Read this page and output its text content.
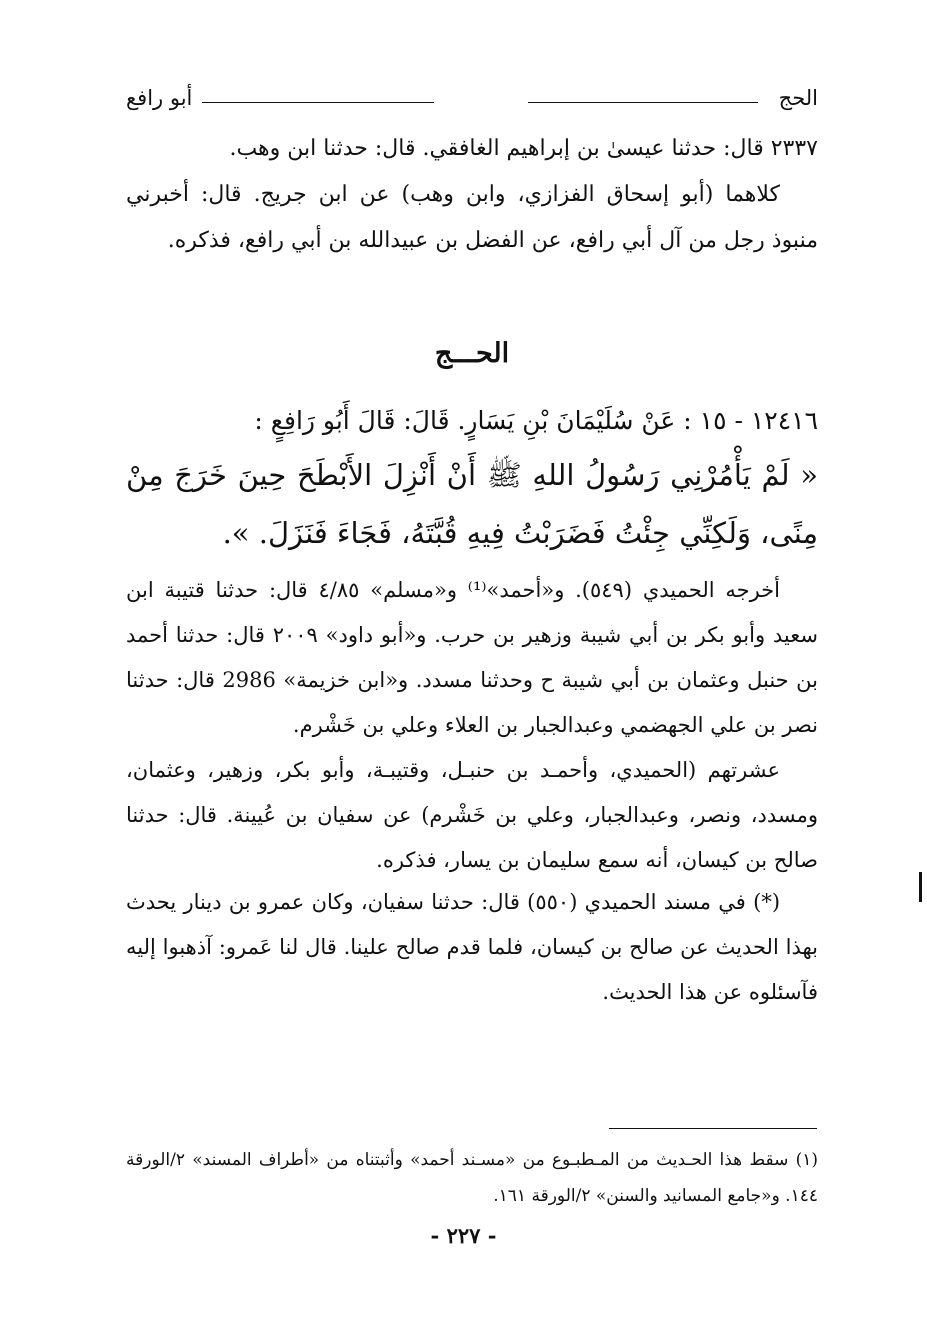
الحج
أبو رافع
٢٣٣٧ قال: حدثنا عيسىٰ بن إبراهيم الغافقي. قال: حدثنا ابن وهب.
كلاهما (أبو إسحاق الفزازي، وابن وهب) عن ابن جريج. قال: أخبرني منبوذ رجل من آل أبي رافع، عن الفضل بن عبيدالله بن أبي رافع، فذكره.
الحـــج
١٢٤١٦ - ١٥ : عَنْ سُلَيْمَانَ بْنِ يَسَارٍ. قَالَ: قَالَ أَبُو رَافِعٍ :
« لَمْ يَأْمُرْنِي رَسُولُ اللهِ ﷺ أَنْ أَنْزِلَ الأَبْطَحَ حِينَ خَرَجَ مِنْ مِنًى، وَلَكِنِّي جِئْتُ فَضَرَبْتُ فِيهِ قُبَّتَهُ، فَجَاءَ فَنَزَلَ. ».

أخرجه الحميدي (٥٤٩). و«أحمد»⁽¹⁾ و«مسلم» ٤/٨٥ قال: حدثنا قتيبة ابن سعيد وأبو بكر بن أبي شيبة وزهير بن حرب. و«أبو داود» ٢٠٠٩ قال: حدثنا أحمد بن حنبل وعثمان بن أبي شيبة ح وحدثنا مسدد. و«ابن خزيمة» 2986 قال: حدثنا نصر بن علي الجهضمي وعبدالجبار بن العلاء وعلي بن خَشْرم.

عشرتهم (الحميدي، وأحمـد بن حنبـل، وقتيبـة، وأبو بكر، وزهير، وعثمان، ومسدد، ونصر، وعبدالجبار، وعلي بن خَشْرم) عن سفيان بن عُيينة. قال: حدثنا صالح بن كيسان، أنه سمع سليمان بن يسار، فذكره.

(*) في مسند الحميدي (٥٥٠) قال: حدثنا سفيان، وكان عمرو بن دينار يحدث بهذا الحديث عن صالح بن كيسان، فلما قدم صالح علينا. قال لنا عَمرو: آذهبوا إليه فآسئلوه عن هذا الحديث.

(١) سقط هذا الحـديث من المـطبـوع من «مسـند أحمد» وأثبتناه من «أطراف المسند» ٢/الورقة ١٤٤. و«جامع المسانيد والسنن» ٢/الورقة ١٦١.
- ٢٢٧ -
